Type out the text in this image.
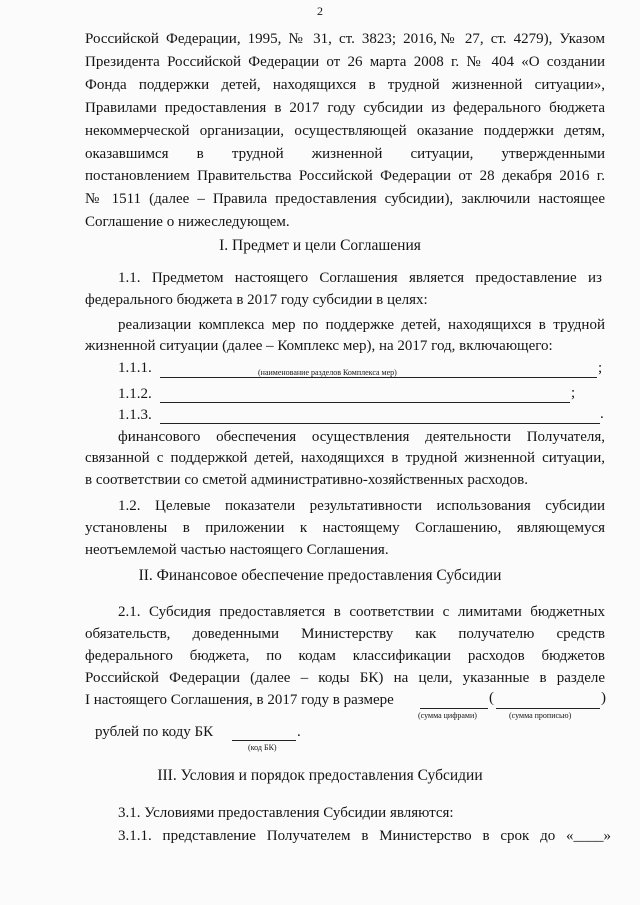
2
Российской Федерации, 1995, № 31, ст. 3823; 2016,№ 27, ст. 4279), Указом
Президента Российской Федерации от 26 марта 2008 г. № 404 «О создании
Фонда поддержки детей, находящихся в трудной жизненной ситуации»,
Правилами предоставления в 2017 году субсидии из федерального бюджета
некоммерческой организации, осуществляющей оказание поддержки детям,
оказавшимся в трудной жизненной ситуации, утвержденными
постановлением Правительства Российской Федерации от 28 декабря 2016 г.
№ 1511 (далее – Правила предоставления субсидии), заключили настоящее
Соглашение о нижеследующем.
I. Предмет и цели Соглашения
1.1. Предметом настоящего Соглашения является предоставление из
федерального бюджета в 2017 году субсидии в целях:
реализации комплекса мер по поддержке детей, находящихся в трудной
жизненной ситуации (далее – Комплекс мер), на 2017 год, включающего:
1.1.1.	;
(наименование разделов Комплекса мер)
1.1.2.	;
1.1.3.	.
финансового обеспечения осуществления деятельности Получателя,
связанной с поддержкой детей, находящихся в трудной жизненной ситуации,
в соответствии со сметой административно-хозяйственных расходов.
1.2. Целевые показатели результативности использования субсидии
установлены в приложении к настоящему Соглашению, являющемуся
неотъемлемой частью настоящего Соглашения.
II. Финансовое обеспечение предоставления Субсидии
2.1. Субсидия предоставляется в соответствии с лимитами бюджетных
обязательств, доведенными Министерству как получателю средств
федерального бюджета, по кодам классификации расходов бюджетов
Российской Федерации (далее – коды БК) на цели, указанные в разделе
I настоящего Соглашения, в 2017 году в размере	(	)
(сумма цифрами)	(сумма прописью)
рублей по коду БК	.
(код БК)
III. Условия и порядок предоставления Субсидии
3.1. Условиями предоставления Субсидии являются:
3.1.1. представление Получателем в Министерство в срок до «____»
